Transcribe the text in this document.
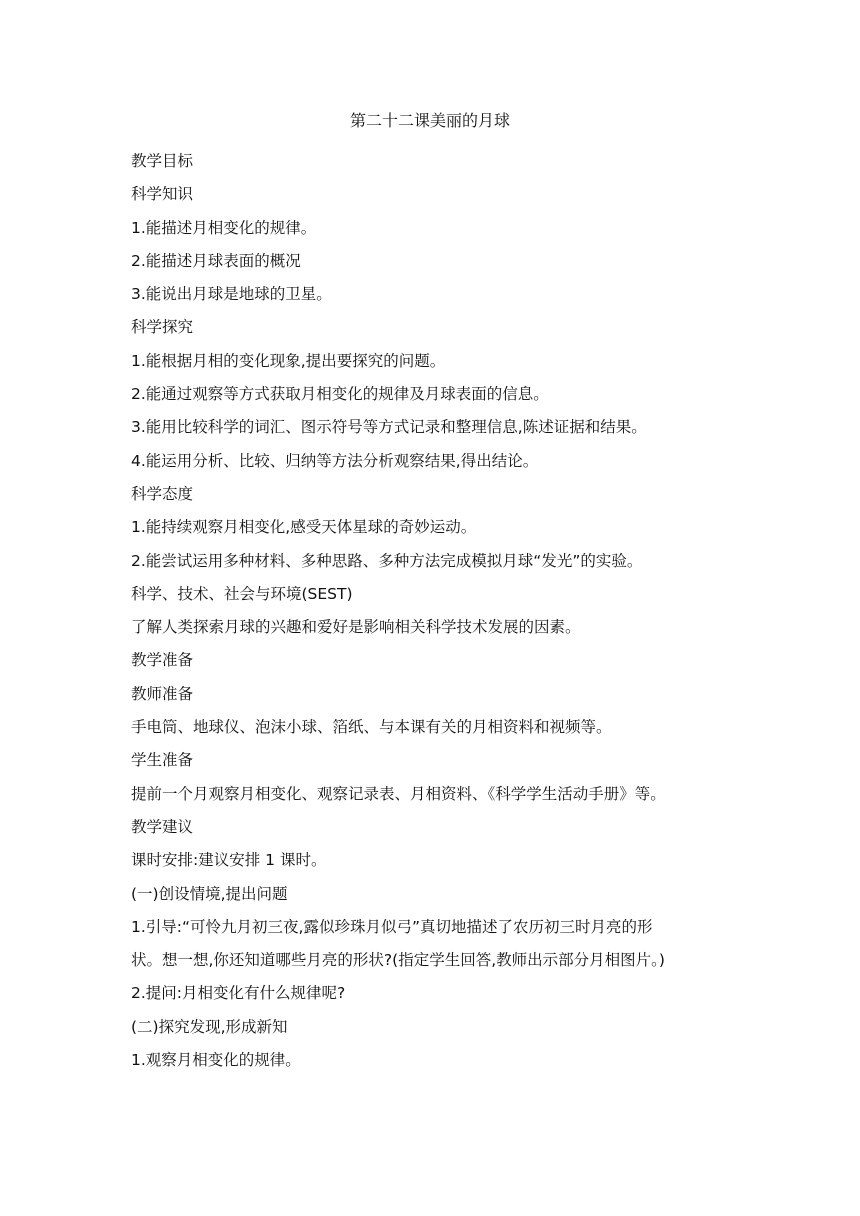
第二十二课美丽的月球
教学目标
科学知识
1.能描述月相变化的规律。
2.能描述月球表面的概况
3.能说出月球是地球的卫星。
科学探究
1.能根据月相的变化现象,提出要探究的问题。
2.能通过观察等方式获取月相变化的规律及月球表面的信息。
3.能用比较科学的词汇、图示符号等方式记录和整理信息,陈述证据和结果。
4.能运用分析、比较、归纳等方法分析观察结果,得出结论。
科学态度
1.能持续观察月相变化,感受天体星球的奇妙运动。
2.能尝试运用多种材料、多种思路、多种方法完成模拟月球“发光”的实验。
科学、技术、社会与环境(SEST)
了解人类探索月球的兴趣和爱好是影响相关科学技术发展的因素。
教学准备
教师准备
手电筒、地球仪、泡沫小球、箔纸、与本课有关的月相资料和视频等。
学生准备
提前一个月观察月相变化、观察记录表、月相资料、《科学学生活动手册》等。
教学建议
课时安排:建议安排 1 课时。
(一)创设情境,提出问题
1.引导:“可怜九月初三夜,露似珍珠月似弓”真切地描述了农历初三时月亮的形
状。想一想,你还知道哪些月亮的形状?(指定学生回答,教师出示部分月相图片。)
2.提问:月相变化有什么规律呢?
(二)探究发现,形成新知
1.观察月相变化的规律。
